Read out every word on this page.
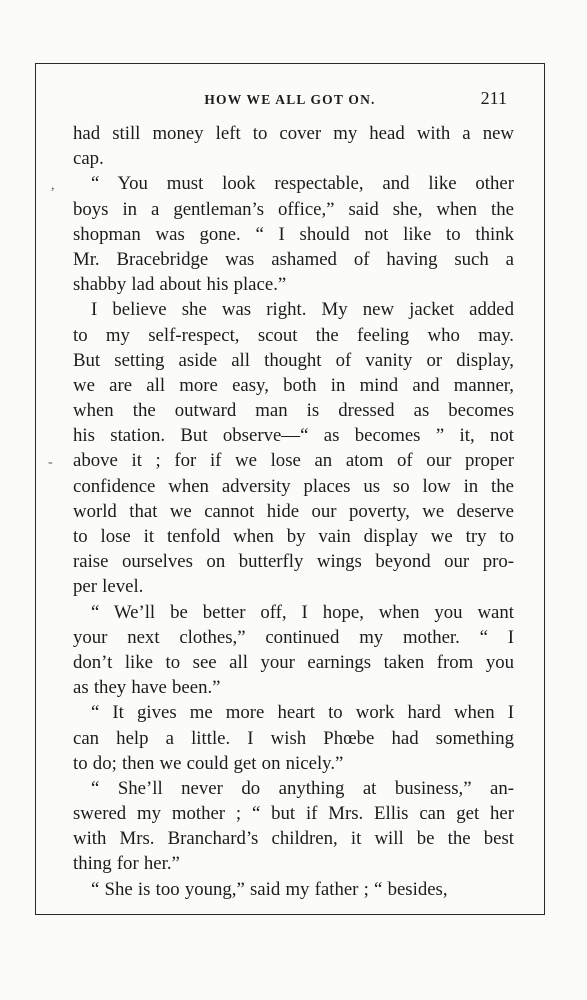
HOW WE ALL GOT ON.	211
,
-
had still money left to cover my head with a new
cap.
“ You must look respectable, and like other
boys in a gentleman’s office,” said she, when the
shopman was gone. “ I should not like to think
Mr. Bracebridge was ashamed of having such a
shabby lad about his place.”
I believe she was right. My new jacket added
to my self-respect, scout the feeling who may.
But setting aside all thought of vanity or display,
we are all more easy, both in mind and manner,
when the outward man is dressed as becomes
his station. But observe—“ as becomes ” it, not
above it ; for if we lose an atom of our proper
confidence when adversity places us so low in the
world that we cannot hide our poverty, we deserve
to lose it tenfold when by vain display we try to
raise ourselves on butterfly wings beyond our pro-
per level.
“ We’ll be better off, I hope, when you want
your next clothes,” continued my mother. “ I
don’t like to see all your earnings taken from you
as they have been.”
“ It gives me more heart to work hard when I
can help a little. I wish Phœbe had something
to do; then we could get on nicely.”
“ She’ll never do anything at business,” an-
swered my mother ; “ but if Mrs. Ellis can get her
with Mrs. Branchard’s children, it will be the best
thing for her.”
“ She is too young,” said my father ; “ besides,
